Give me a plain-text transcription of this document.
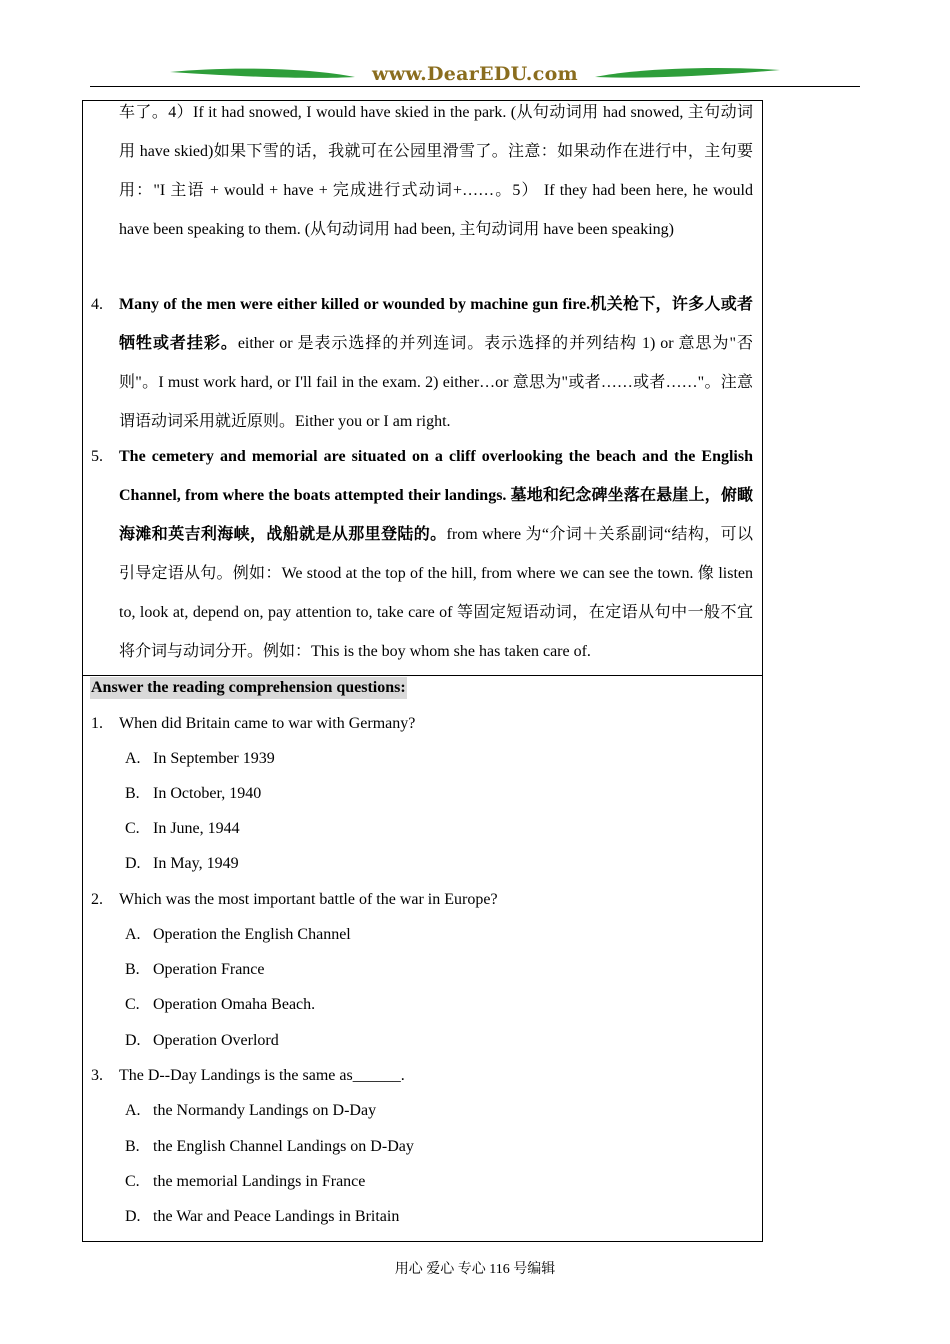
www.DearEDU.com
车了。4）If it had snowed, I would have skied in the park. (从句动词用 had snowed, 主句动词用 have skied)如果下雪的话，我就可在公园里滑雪了。注意：如果动作在进行中，主句要用："I 主语 + would + have + 完成进行式动词+……。5） If they had been here, he would have been speaking to them. (从句动词用 had been, 主句动词用 have been speaking)
4. Many of the men were either killed or wounded by machine gun fire.机关枪下，许多人或者牺牲或者挂彩。either or 是表示选择的并列连词。表示选择的并列结构 1) or 意思为"否则"。I must work hard, or I'll fail in the exam. 2) either…or 意思为"或者……或者……"。注意谓语动词采用就近原则。Either you or I am right.
5. The cemetery and memorial are situated on a cliff overlooking the beach and the English Channel, from where the boats attempted their landings. 墓地和纪念碑坐落在悬崖上，俯瞰海滩和英吉利海峡，战船就是从那里登陆的。from where 为“介词＋关系副词“结构，可以引导定语从句。例如：We stood at the top of the hill, from where we can see the town. 像 listen to, look at, depend on, pay attention to, take care of 等固定短语动词，在定语从句中一般不宜将介词与动词分开。例如：This is the boy whom she has taken care of.
Answer the reading comprehension questions:
1. When did Britain came to war with Germany?
A. In September 1939
B. In October, 1940
C. In June, 1944
D. In May, 1949
2. Which was the most important battle of the war in Europe?
A. Operation the English Channel
B. Operation France
C. Operation Omaha Beach.
D. Operation Overlord
3. The D--Day Landings is the same as______.
A. the Normandy Landings on D-Day
B. the English Channel Landings on D-Day
C. the memorial Landings in France
D. the War and Peace Landings in Britain
用心 爱心 专心 116 号编辑
